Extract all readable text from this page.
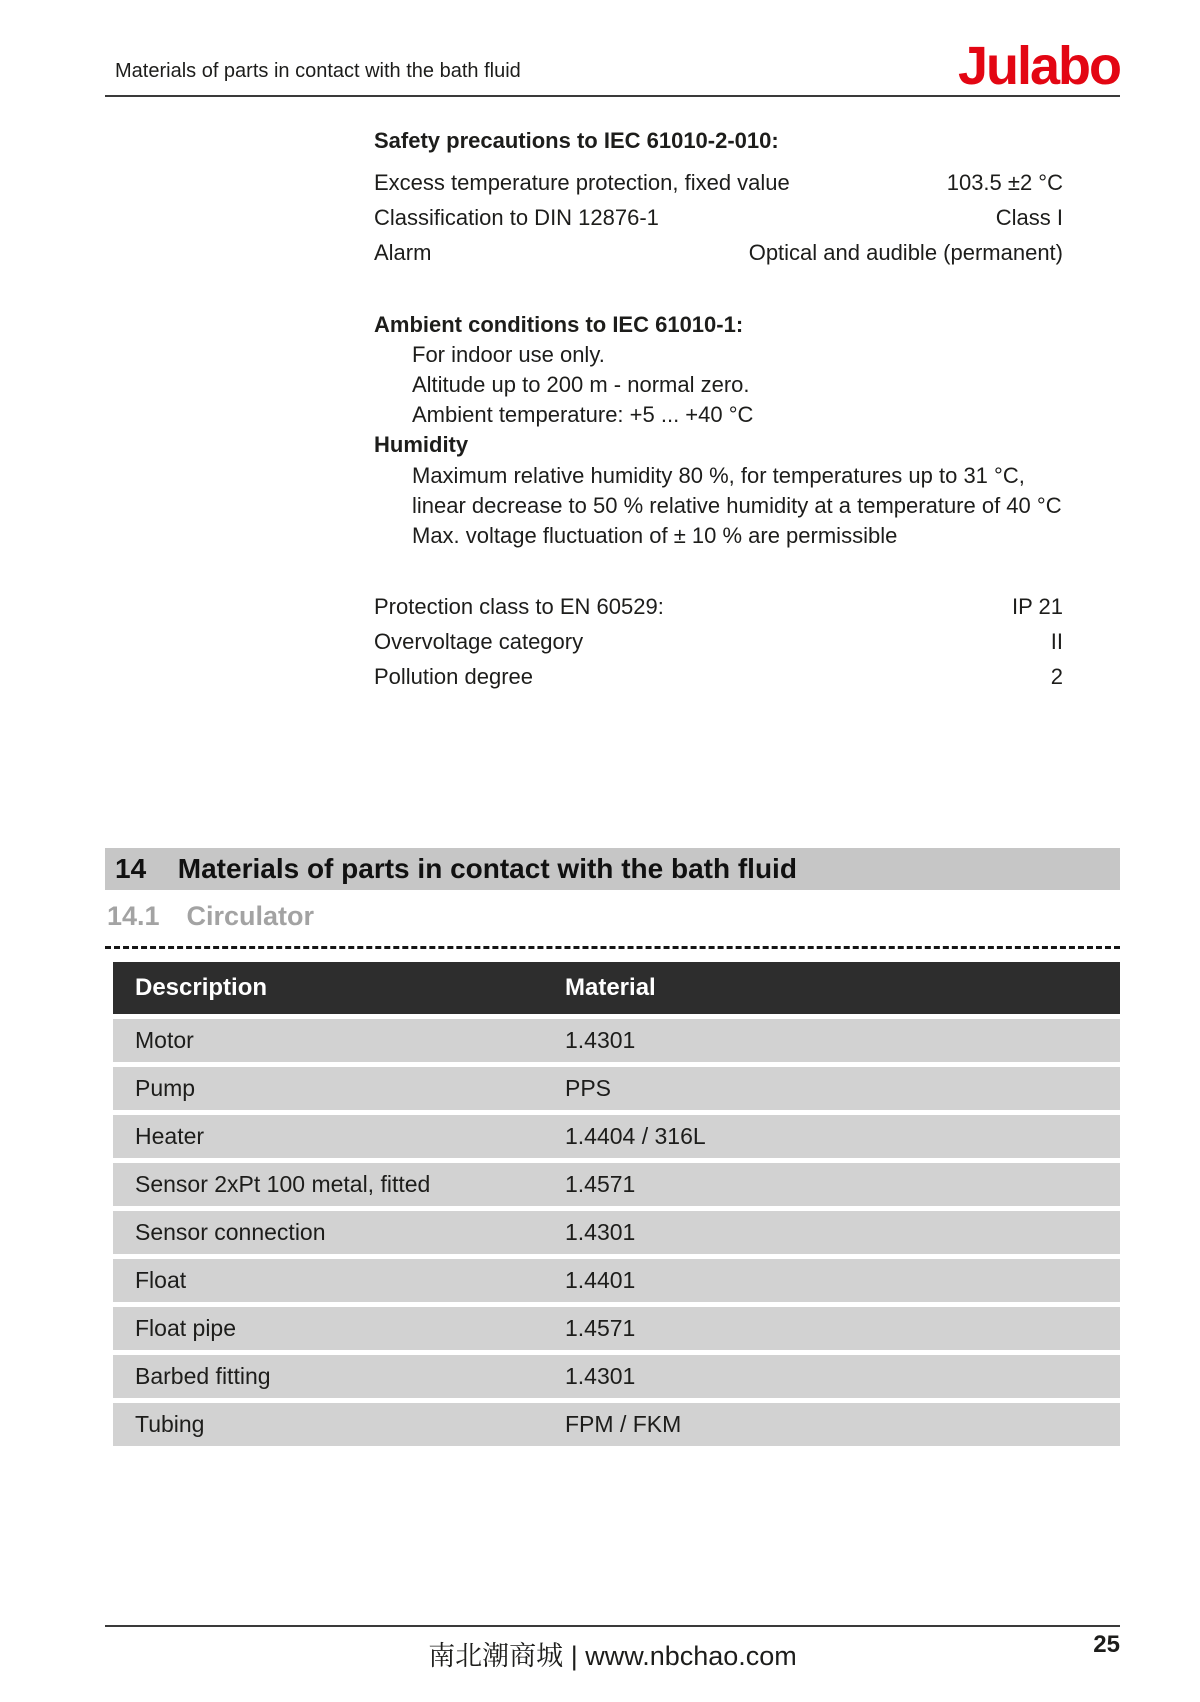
Materials of parts in contact with the bath fluid	Julabo
Safety precautions to IEC 61010-2-010:
Excess temperature protection, fixed value	103.5 ±2 °C
Classification to DIN 12876-1	Class I
Alarm	Optical and audible (permanent)
Ambient conditions to IEC 61010-1:
For indoor use only.
Altitude up to 200 m - normal zero.
Ambient temperature: +5 ... +40 °C
Humidity
Maximum relative humidity 80 %, for temperatures up to 31 °C,
linear decrease to 50 % relative humidity at a temperature of 40 °C
Max. voltage fluctuation of ± 10 % are permissible
Protection class to EN 60529:	IP 21
Overvoltage category	II
Pollution degree	2
14 Materials of parts in contact with the bath fluid
14.1 Circulator
Description	Material
Motor	1.4301
Pump	PPS
Heater	1.4404 / 316L
Sensor 2xPt 100 metal, fitted	1.4571
Sensor connection	1.4301
Float	1.4401
Float pipe	1.4571
Barbed fitting	1.4301
Tubing	FPM / FKM
南北潮商城 | www.nbchao.com	25
